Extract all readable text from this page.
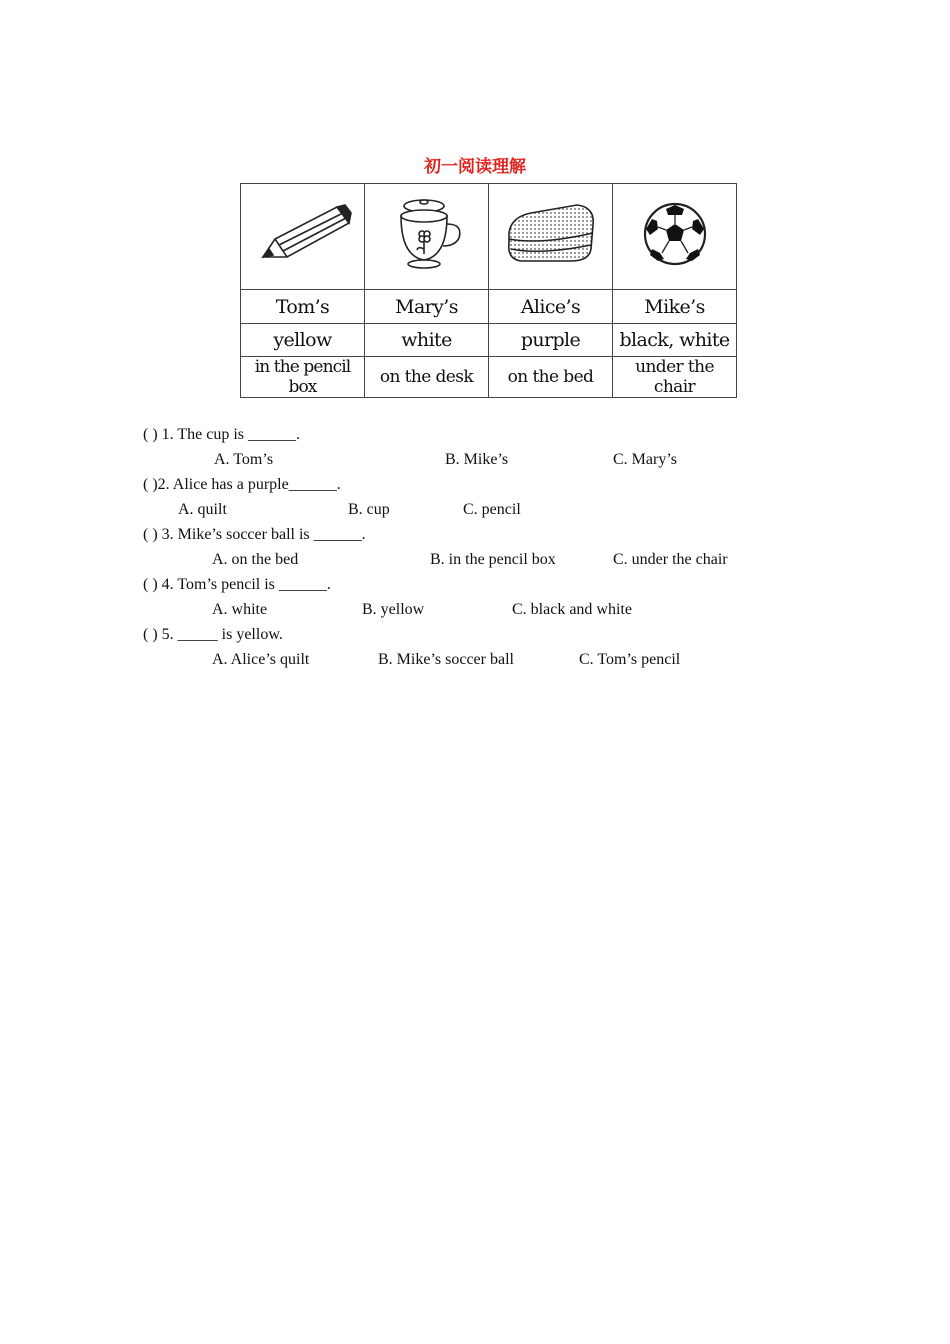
初一阅读理解

Tom’s	Mary’s	Alice’s	Mike’s
yellow	white	purple	black, white
in the pencil box	on the desk	on the bed	under the chair
( ) 1. The cup is ______.
A. Tom’s	B. Mike’s	C. Mary’s
( )2. Alice has a purple______.
A. quilt	B. cup	C. pencil
( ) 3. Mike’s soccer ball is ______.
A. on the bed	B. in the pencil box	C. under the chair
( ) 4. Tom’s pencil is ______.
A. white	B. yellow	C. black and white
( ) 5. _____ is yellow.
A. Alice’s quilt	B. Mike’s soccer ball	C. Tom’s pencil
